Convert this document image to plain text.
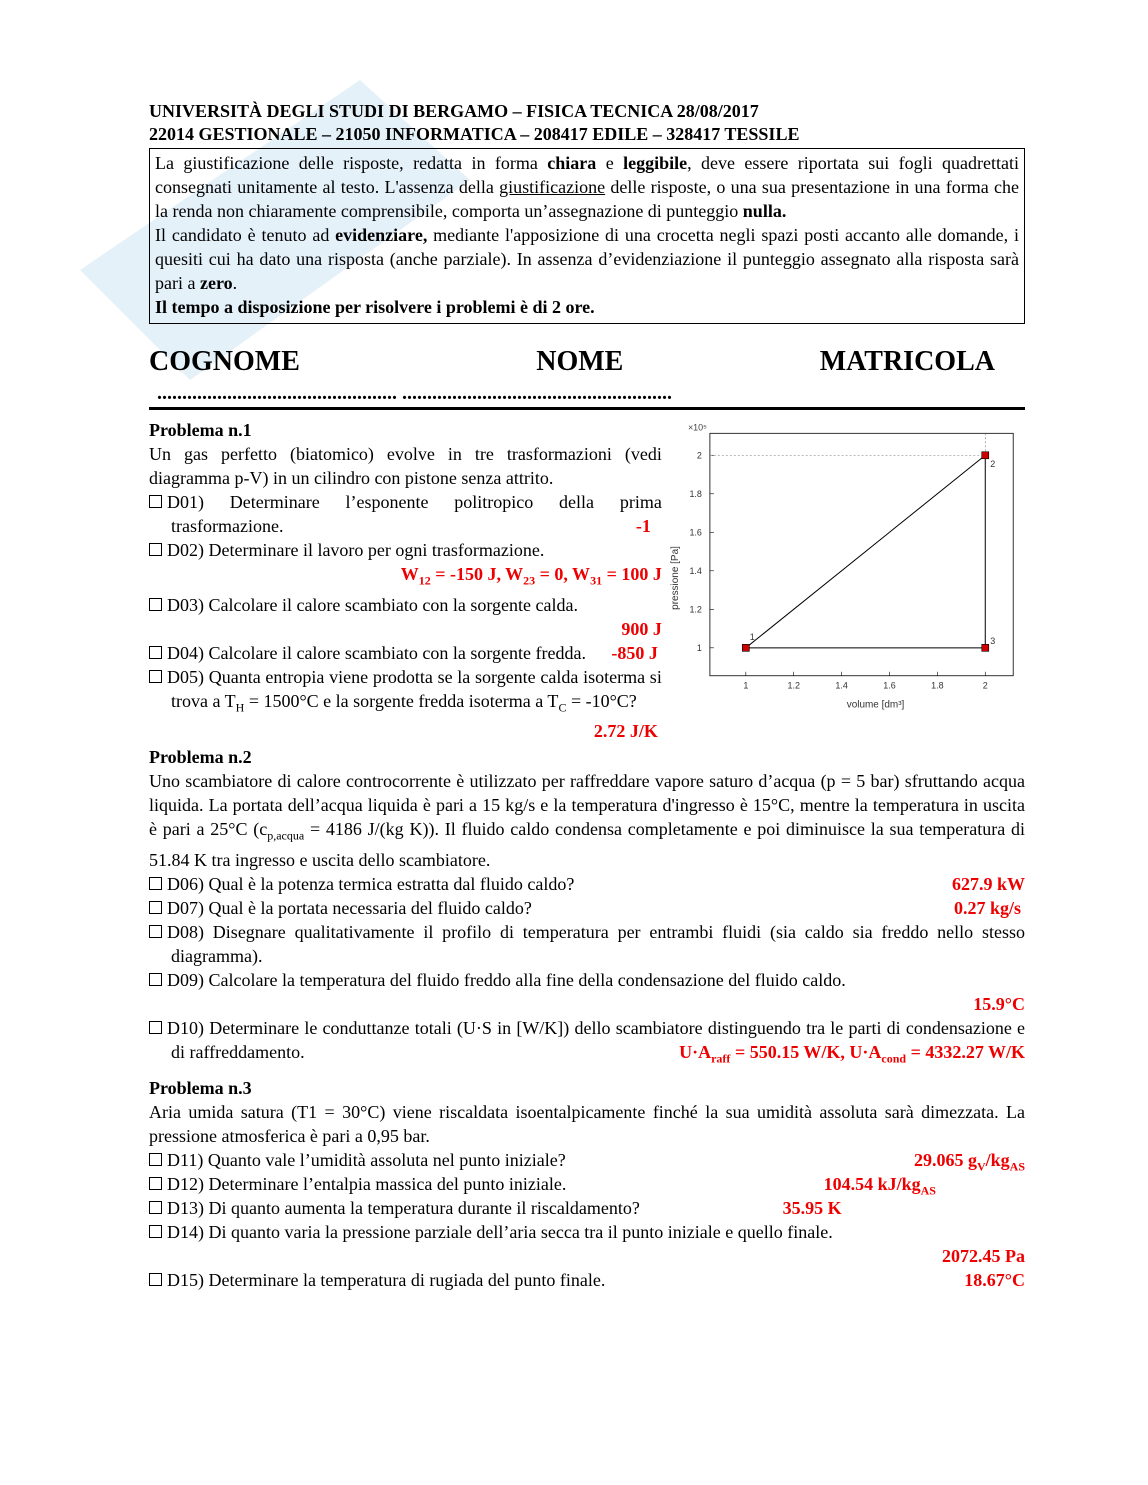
UNIVERSITÀ DEGLI STUDI DI BERGAMO – FISICA TECNICA 28/08/2017
22014 GESTIONALE – 21050 INFORMATICA – 208417 EDILE – 328417 TESSILE
La giustificazione delle risposte, redatta in forma chiara e leggibile, deve essere riportata sui fogli quadrettati consegnati unitamente al testo. L'assenza della giustificazione delle risposte, o una sua presentazione in una forma che la renda non chiaramente comprensibile, comporta un’assegnazione di punteggio nulla.
Il candidato è tenuto ad evidenziare, mediante l'apposizione di una crocetta negli spazi posti accanto alle domande, i quesiti cui ha dato una risposta (anche parziale). In assenza d’evidenziazione il punteggio assegnato alla risposta sarà pari a zero.
Il tempo a disposizione per risolvere i problemi è di 2 ore.
COGNOME	NOME	MATRICOLA
................................................ ......................................................
Problema n.1
Un gas perfetto (biatomico) evolve in tre trasformazioni (vedi diagramma p-V) in un cilindro con pistone senza attrito.
D01) Determinare l’esponente politropico della prima trasformazione.	-1
D02) Determinare il lavoro per ogni trasformazione.
$W_{12} = -150$ J, $W_{23} = 0$, $W_{31} = 100$ J
D03) Calcolare il calore scambiato con la sorgente calda.
900 J
D04) Calcolare il calore scambiato con la sorgente fredda. -850 J
D05) Quanta entropia viene prodotta se la sorgente calda isoterma si trova a $T_H = 1500^\circ C$ e la sorgente fredda isoterma a $T_C = -10^\circ C$?
2.72 J/K
×10⁵
pressione [Pa]
volume [dm³]
1	1.2	1.4	1.6	1.8	2
1
1.2
1.4
1.6
1.8
2
1
2
3
Problema n.2
Uno scambiatore di calore controcorrente è utilizzato per raffreddare vapore saturo d’acqua (p = 5 bar) sfruttando acqua liquida. La portata dell’acqua liquida è pari a 15 kg/s e la temperatura d'ingresso è 15°C, mentre la temperatura in uscita è pari a 25°C ($c_{p,acqua} = 4186$ J/(kg K)). Il fluido caldo condensa completamente e poi diminuisce la sua temperatura di 51.84 K tra ingresso e uscita dello scambiatore.
D06) Qual è la potenza termica estratta dal fluido caldo?	627.9 kW
D07) Qual è la portata necessaria del fluido caldo?	0.27 kg/s
D08) Disegnare qualitativamente il profilo di temperatura per entrambi fluidi (sia caldo sia freddo nello stesso diagramma).
D09) Calcolare la temperatura del fluido freddo alla fine della condensazione del fluido caldo.
15.9°C
D10) Determinare le conduttanze totali (U·S in [W/K]) dello scambiatore distinguendo tra le parti di condensazione e di raffreddamento.	$U\cdot A_{raff} = 550.15$ W/K, $U\cdot A_{cond} = 4332.27$ W/K
Problema n.3
Aria umida satura (T1 = 30°C) viene riscaldata isoentalpicamente finché la sua umidità assoluta sarà dimezzata. La pressione atmosferica è pari a 0,95 bar.
D11) Quanto vale l’umidità assoluta nel punto iniziale?	29.065 $g_V/kg_{AS}$
D12) Determinare l’entalpia massica del punto iniziale.	104.54 $kJ/kg_{AS}$
D13) Di quanto aumenta la temperatura durante il riscaldamento?	35.95 K
D14) Di quanto varia la pressione parziale dell’aria secca tra il punto iniziale e quello finale.
2072.45 Pa
D15) Determinare la temperatura di rugiada del punto finale.	18.67°C
